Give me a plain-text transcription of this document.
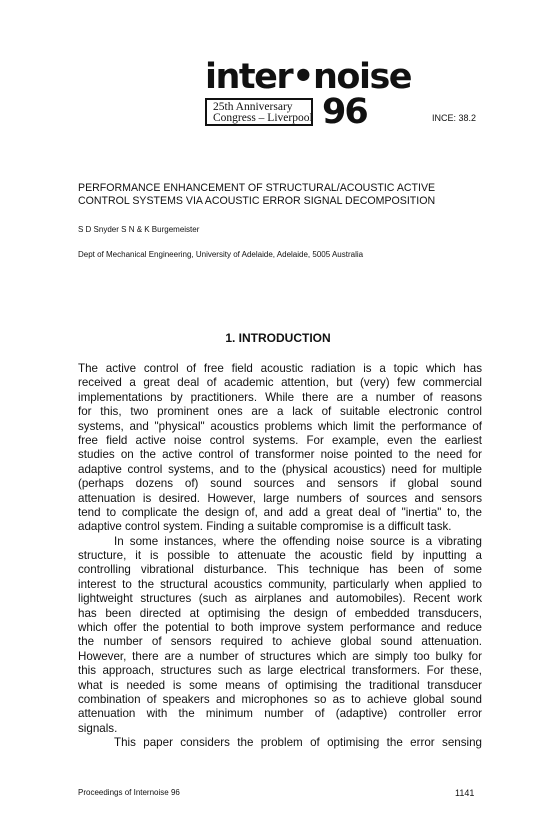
inter•noise
25th Anniversary
Congress – Liverpool 96	INCE: 38.2
PERFORMANCE ENHANCEMENT OF STRUCTURAL/ACOUSTIC ACTIVE
CONTROL SYSTEMS VIA ACOUSTIC ERROR SIGNAL DECOMPOSITION
S D Snyder S N & K Burgemeister
Dept of Mechanical Engineering, University of Adelaide, Adelaide, 5005 Australia
1. INTRODUCTION
The active control of free field acoustic radiation is a topic which has
received a great deal of academic attention, but (very) few commercial
implementations by practitioners. While there are a number of reasons
for this, two prominent ones are a lack of suitable electronic control
systems, and "physical" acoustics problems which limit the performance of
free field active noise control systems. For example, even the earliest
studies on the active control of transformer noise pointed to the need for
adaptive control systems, and to the (physical acoustics) need for multiple
(perhaps dozens of) sound sources and sensors if global sound
attenuation is desired. However, large numbers of sources and sensors
tend to complicate the design of, and add a great deal of "inertia" to, the
adaptive control system. Finding a suitable compromise is a difficult task.
In some instances, where the offending noise source is a vibrating
structure, it is possible to attenuate the acoustic field by inputting a
controlling vibrational disturbance. This technique has been of some
interest to the structural acoustics community, particularly when applied to
lightweight structures (such as airplanes and automobiles). Recent work
has been directed at optimising the design of embedded transducers,
which offer the potential to both improve system performance and reduce
the number of sensors required to achieve global sound attenuation.
However, there are a number of structures which are simply too bulky for
this approach, structures such as large electrical transformers. For these,
what is needed is some means of optimising the traditional transducer
combination of speakers and microphones so as to achieve global sound
attenuation with the minimum number of (adaptive) controller error
signals.
This paper considers the problem of optimising the error sensing
Proceedings of Internoise 96	1141
